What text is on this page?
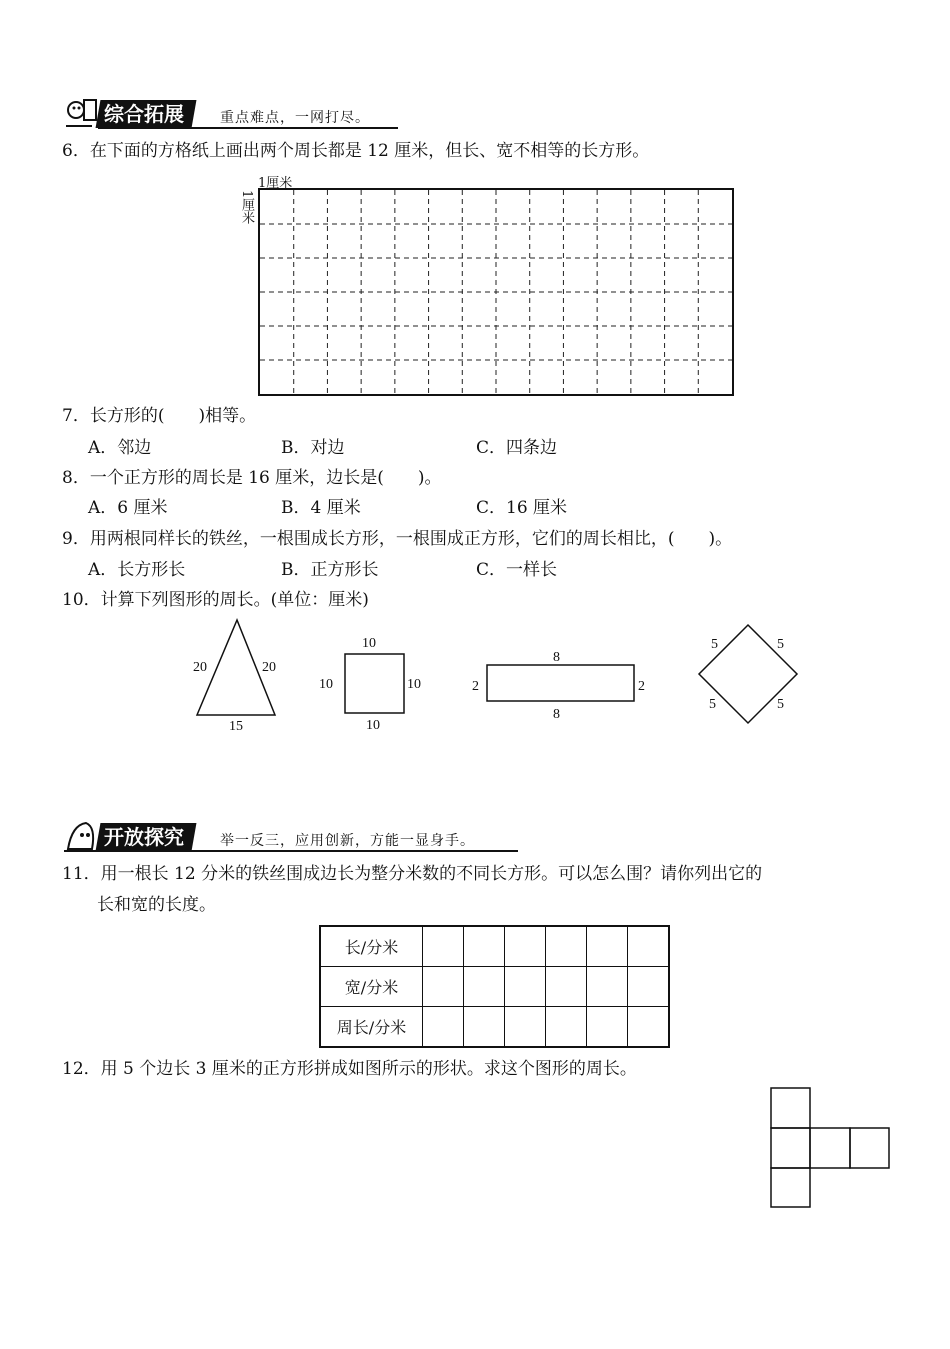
综合拓展	重点难点，一网打尽。
6．在下面的方格纸上画出两个周长都是 12 厘米，但长、宽不相等的长方形。
1厘米
1厘米
7．长方形的(　　)相等。
A．邻边	B．对边	C．四条边
8．一个正方形的周长是 16 厘米，边长是(　　)。
A．6 厘米	B．4 厘米	C．16 厘米
9．用两根同样长的铁丝，一根围成长方形，一根围成正方形，它们的周长相比，(　　)。
A．长方形长	B．正方形长	C．一样长
10．计算下列图形的周长。(单位：厘米)
20	20
15
10
10	10
10
8
2	2
8
5	5
5	5
开放探究	举一反三，应用创新，方能一显身手。
11．用一根长 12 分米的铁丝围成边长为整分米数的不同长方形。可以怎么围？请你列出它的
长和宽的长度。
长/分米						
宽/分米						
周长/分米						
12．用 5 个边长 3 厘米的正方形拼成如图所示的形状。求这个图形的周长。
